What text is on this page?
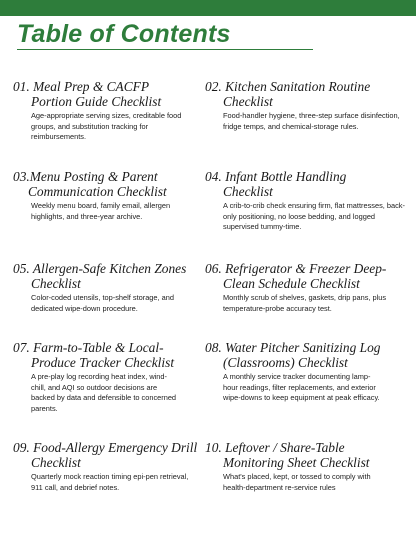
Table of Contents

01. Meal Prep & CACFP
Portion Guide Checklist

Age-appropriate serving sizes, creditable food groups, and substitution tracking for reimbursements.

02. Kitchen Sanitation Routine
Checklist

Food-handler hygiene, three-step surface disinfection, fridge temps, and chemical-storage rules.

03.Menu Posting & Parent
Communication Checklist

Weekly menu board, family email, allergen highlights, and three-year archive.

04. Infant Bottle Handling
Checklist

A crib-to-crib check ensuring firm, flat mattresses, back-only positioning, no loose bedding, and logged supervised tummy-time.

05. Allergen-Safe Kitchen Zones
Checklist

Color-coded utensils, top-shelf storage, and dedicated wipe-down procedure.

06. Refrigerator & Freezer Deep-
Clean Schedule Checklist

Monthly scrub of shelves, gaskets, drip pans, plus temperature-probe accuracy test.

07. Farm-to-Table & Local-
Produce Tracker Checklist

A pre-play log recording heat index, wind-chill, and AQI so outdoor decisions are backed by data and defensible to concerned parents.

08. Water Pitcher Sanitizing Log
(Classrooms) Checklist

A monthly service tracker documenting lamp-hour readings, filter replacements, and exterior wipe-downs to keep equipment at peak efficacy.

09. Food-Allergy Emergency Drill
Checklist

Quarterly mock reaction timing epi-pen retrieval, 911 call, and debrief notes.

10. Leftover / Share-Table
Monitoring Sheet Checklist

What's placed, kept, or tossed to comply with health-department re-service rules
